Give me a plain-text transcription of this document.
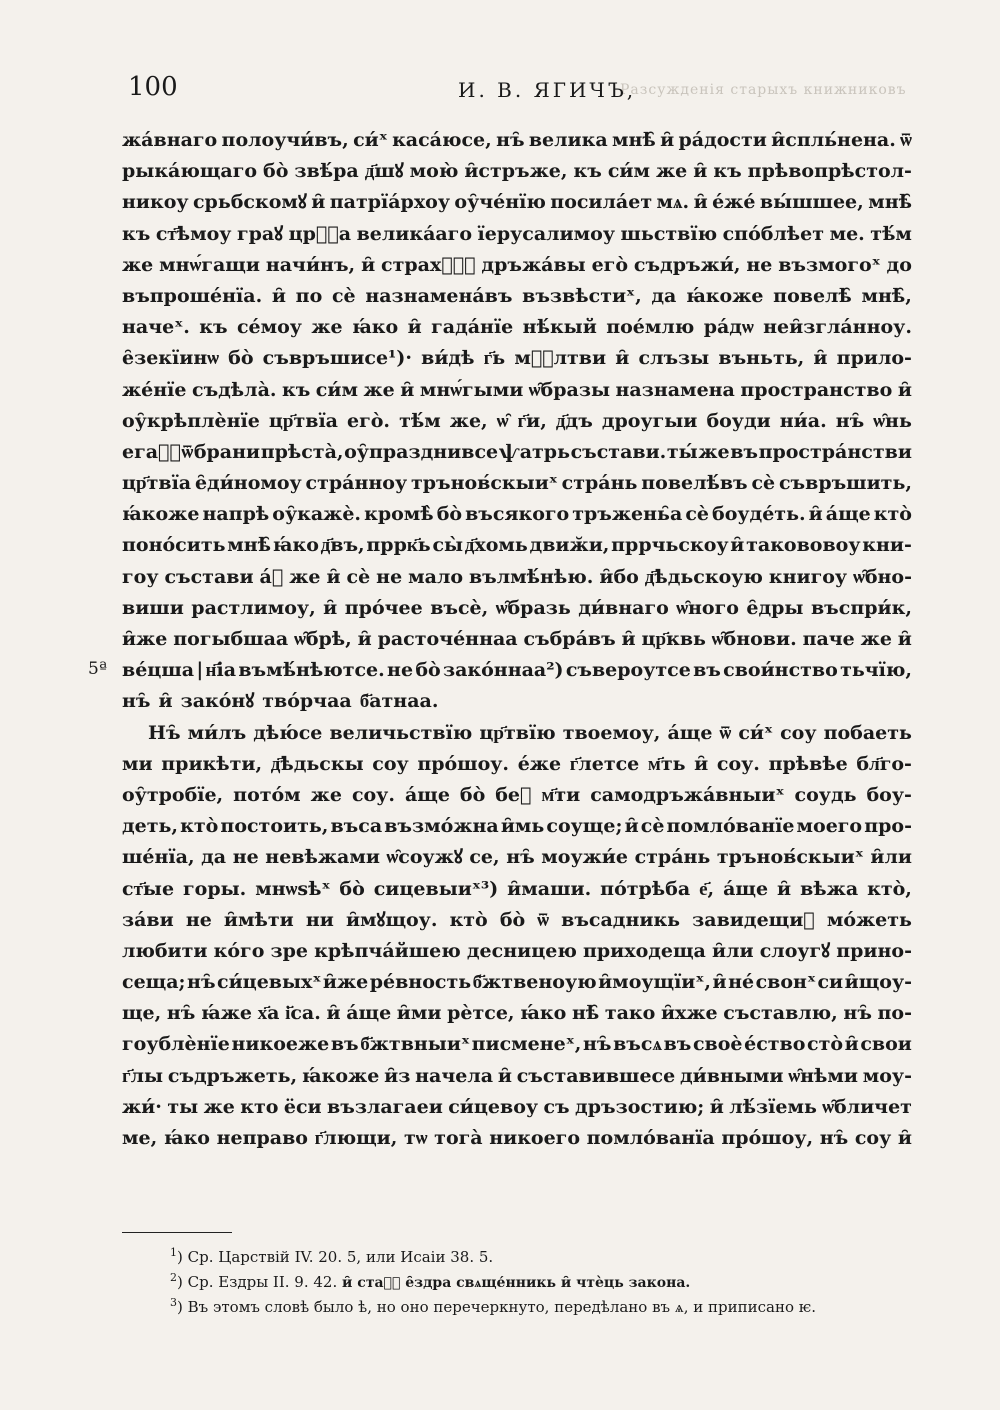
Разсужденія старыхъ книжниковъ
100	И. В. ЯГИЧЪ,
жа́внаго полоучи́въ, си́ˣ каса́юсе, нъ̑ велика мнѣ̑ и̑ ра́дости и̑спль́нена. ѿ
рыка́ющаго бо̀ звѣ́ра д҃шꙋ мою̀ и̑стръже, къ си́м же и̑ къ прѣвопрѣстол-
никоу срьбскомꙋ и̑ патрїа́рхоу оу̑че́нїю посила́ет мѧ. и̑ е́же́ вы́шшее, мнѣ̑
къ ст҃ѣмоу граꙋ црⷭ҇а велика́аго їерусалимоу шьствїю спо́блѣет ме. тѣ́м
же мнѡ́гащи начи́нъ, и̑ страхѡⷨ҇ дръжа́вы его̀ съдръжи́, не възмогоˣ до
въпроше́нїа. и̑ по сѐ назнамена́въ възвѣстиˣ, да ꙗ́коже повелѣ̑ мнѣ̑,
начеˣ. къ се́моу же ꙗ́ко и̑ гада́нїе нѣ́кый пое́млю ра́дѡ неи̑згла́нноу.
е̑зекїинѡ бо̀ съвръшисе¹)· ви́дѣ г҃ь мⷭ҇лтви и̑ слъзы въньть, и̑ прило-
же́нїе съдѣла̀. къ си́м же и̑ мнѡ́гыми ѡ̑бразы назнамена пространство и̑
оу̑крѣплѐнїе цр҃твїа его̀. тѣ́м же, ѡ̑ г҃и, д҃дъ дроугыи боуди ни́а. нъ̑ ѡ̑нь
егаⷭ҇ ѿ брани прѣста̀, оу̑празднивсе ѱатрь състави. ты́ же въ простра́нстви
цр҃твїа е̑ди́номоу стра́нноу трънов́скыиˣ стра́нь повелѣ́въ сѐ съвръшить,
ꙗ́коже напрѣ оу̑кажѐ. кромѣ̀ бо̀ въсякого тръжень̑а сѐ боуде́ть. и̑ а́ще кто̀
поно́сить мнѣ̑ ꙗ́ко д҃въ, пррк҃ь сы̀ д҃хомь двиӂи, пррчьскоу и̑ такововоу кни-
гоу състави а́ⷥ же и̑ сѐ не мало вълмѣ́нѣю. и̑бо д҃ѣдьскоую книгоу ѡ̑бно-
виши растлимоу, и̑ про́чее въсѐ, ѡ̑бразь ди́внаго ѡ̑ного е̑дры въспри́к,
и̑же погыбшаа ѡ̑брѣ, и̑ расточе́ннаа събра́въ и̑ цр҃квь ѡ̑бнови. паче же и̑
ве́цша | н҃іа въмѣ́нѣютсе. не бо̀ зако́ннаа²) съвероутсе въ свои́нство тьчїю,
нъ̑ и̑ зако́нꙋ тво́рчаа б҃атнаа.
Нъ̑ ми́лъ дѣю́се величьствїю цр҃твїю твоемоу, а́ще ѿ си́ˣ соу побаеть
ми прикѣти, д҃ѣдьскы соу про́шоу. е́же г҃летсе м҃ть и̑ соу. прѣвѣе бл҃го-
оу̑тробїе, пото́м же соу. а́ще бо̀ беⷥ м҃ти самодръжа́вныиˣ соудь боу-
деть, кто̀ постоить, въса възмо́жна и̑мь соуще; и̑ сѐ помло́ванїе моего про-
ше́нїа, да не невѣжами ѡ̑соужꙋ се, нъ̑ моужи́е стра́нь трънов́скыиˣ и̑ли
ст҃ые горы. мнѡѕѣˣ бо̀ сицевыиˣ³) и̑маши. по́трѣба е҃, а́ще и̑ вѣжа кто̀,
за́ви не и̑мѣти ни и̑мꙋщоу. кто̀ бо̀ ѿ въсадникь завидещиⷯ мо́жеть
любити ко́го зре крѣпча́йшею десницею приходеща и̑ли слоугꙋ прино-
сеща; нъ̑ си́цевыхˣ и̑же ре́вность б҃жтвеноую и̑моущїиˣ, и̑ не́ свонˣ си и̑щоу-
ще, нъ̑ ꙗ́же х҃а і҃са. и̑ а́ще и̑ми рѐтсе, ꙗ́ко нѣ̑ тако и̑хже съставлю, нъ̑ по-
гоублѐнїе никоеже въ б҃жтвныиˣ писменеˣ, нъ̑ въсѧ въ своѐ е́ство сто̀ и̑ свои
г҃лы съдръжеть, ꙗ́коже и̑з начела и̑ съставившесе ди́вными ѡ̑нѣми моу-
жи́· ты же кто ёси възлагаеи си́цевоу съ дръзостию; и̑ лѣ́зїемь ѡ̑бличет
ме, ꙗ́ко неправо г҃лющи, тѡ тога̀ никоего помло́ванїа про́шоу, нъ̑ соу и̑
5ª
$^1$) Ср. Царствій IV. 20. 5, или Исаіи 38. 5.
$^2$) Ср. Ездры II. 9. 42. и̑ стаⷭ҇ е̑здра свѧще́нникь и̑ чтѐць закона.
$^3$) Въ этомъ словѣ было ѣ, но оно перечеркнуто, передѣлано въ ѧ, и приписано ѥ.
